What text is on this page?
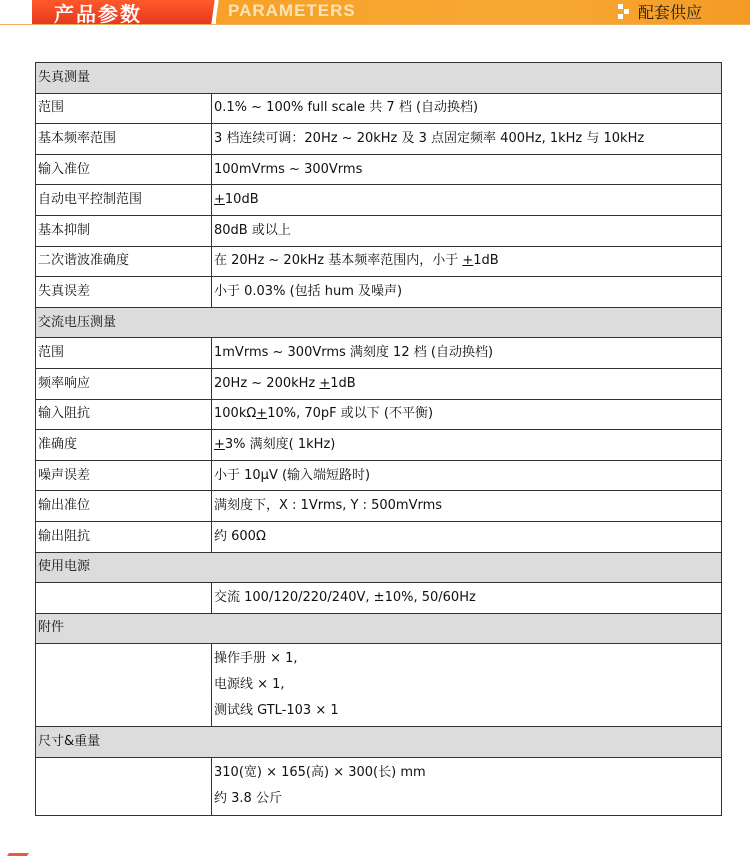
产品参数	PARAMETERS	配套供应
失真测量	
范围	0.1% ~ 100% full scale 共 7 档 (自动换档)
基本频率范围	3 档连续可调：20Hz ~ 20kHz 及 3 点固定频率 400Hz, 1kHz 与 10kHz
输入准位	100mVrms ~ 300Vrms
自动电平控制范围	+10dB
基本抑制	80dB 或以上
二次谐波准确度	在 20Hz ~ 20kHz 基本频率范围内，小于 +1dB
失真误差	小于 0.03% (包括 hum 及噪声)
交流电压测量	
范围	1mVrms ~ 300Vrms 满刻度 12 档 (自动换档)
频率响应	20Hz ~ 200kHz +1dB
输入阻抗	100kΩ+10%, 70pF 或以下 (不平衡)
准确度	+3% 满刻度( 1kHz)
噪声误差	小于 10μV (输入端短路时)
输出准位	满刻度下，X : 1Vrms, Y : 500mVrms
输出阻抗	约 600Ω
使用电源	
	交流 100/120/220/240V, ±10%, 50/60Hz
附件	

	操作手册 × 1,
电源线 × 1,
测试线 GTL-103 × 1

尺寸&重量	

	310(宽) × 165(高) × 300(长) mm
约 3.8 公斤
